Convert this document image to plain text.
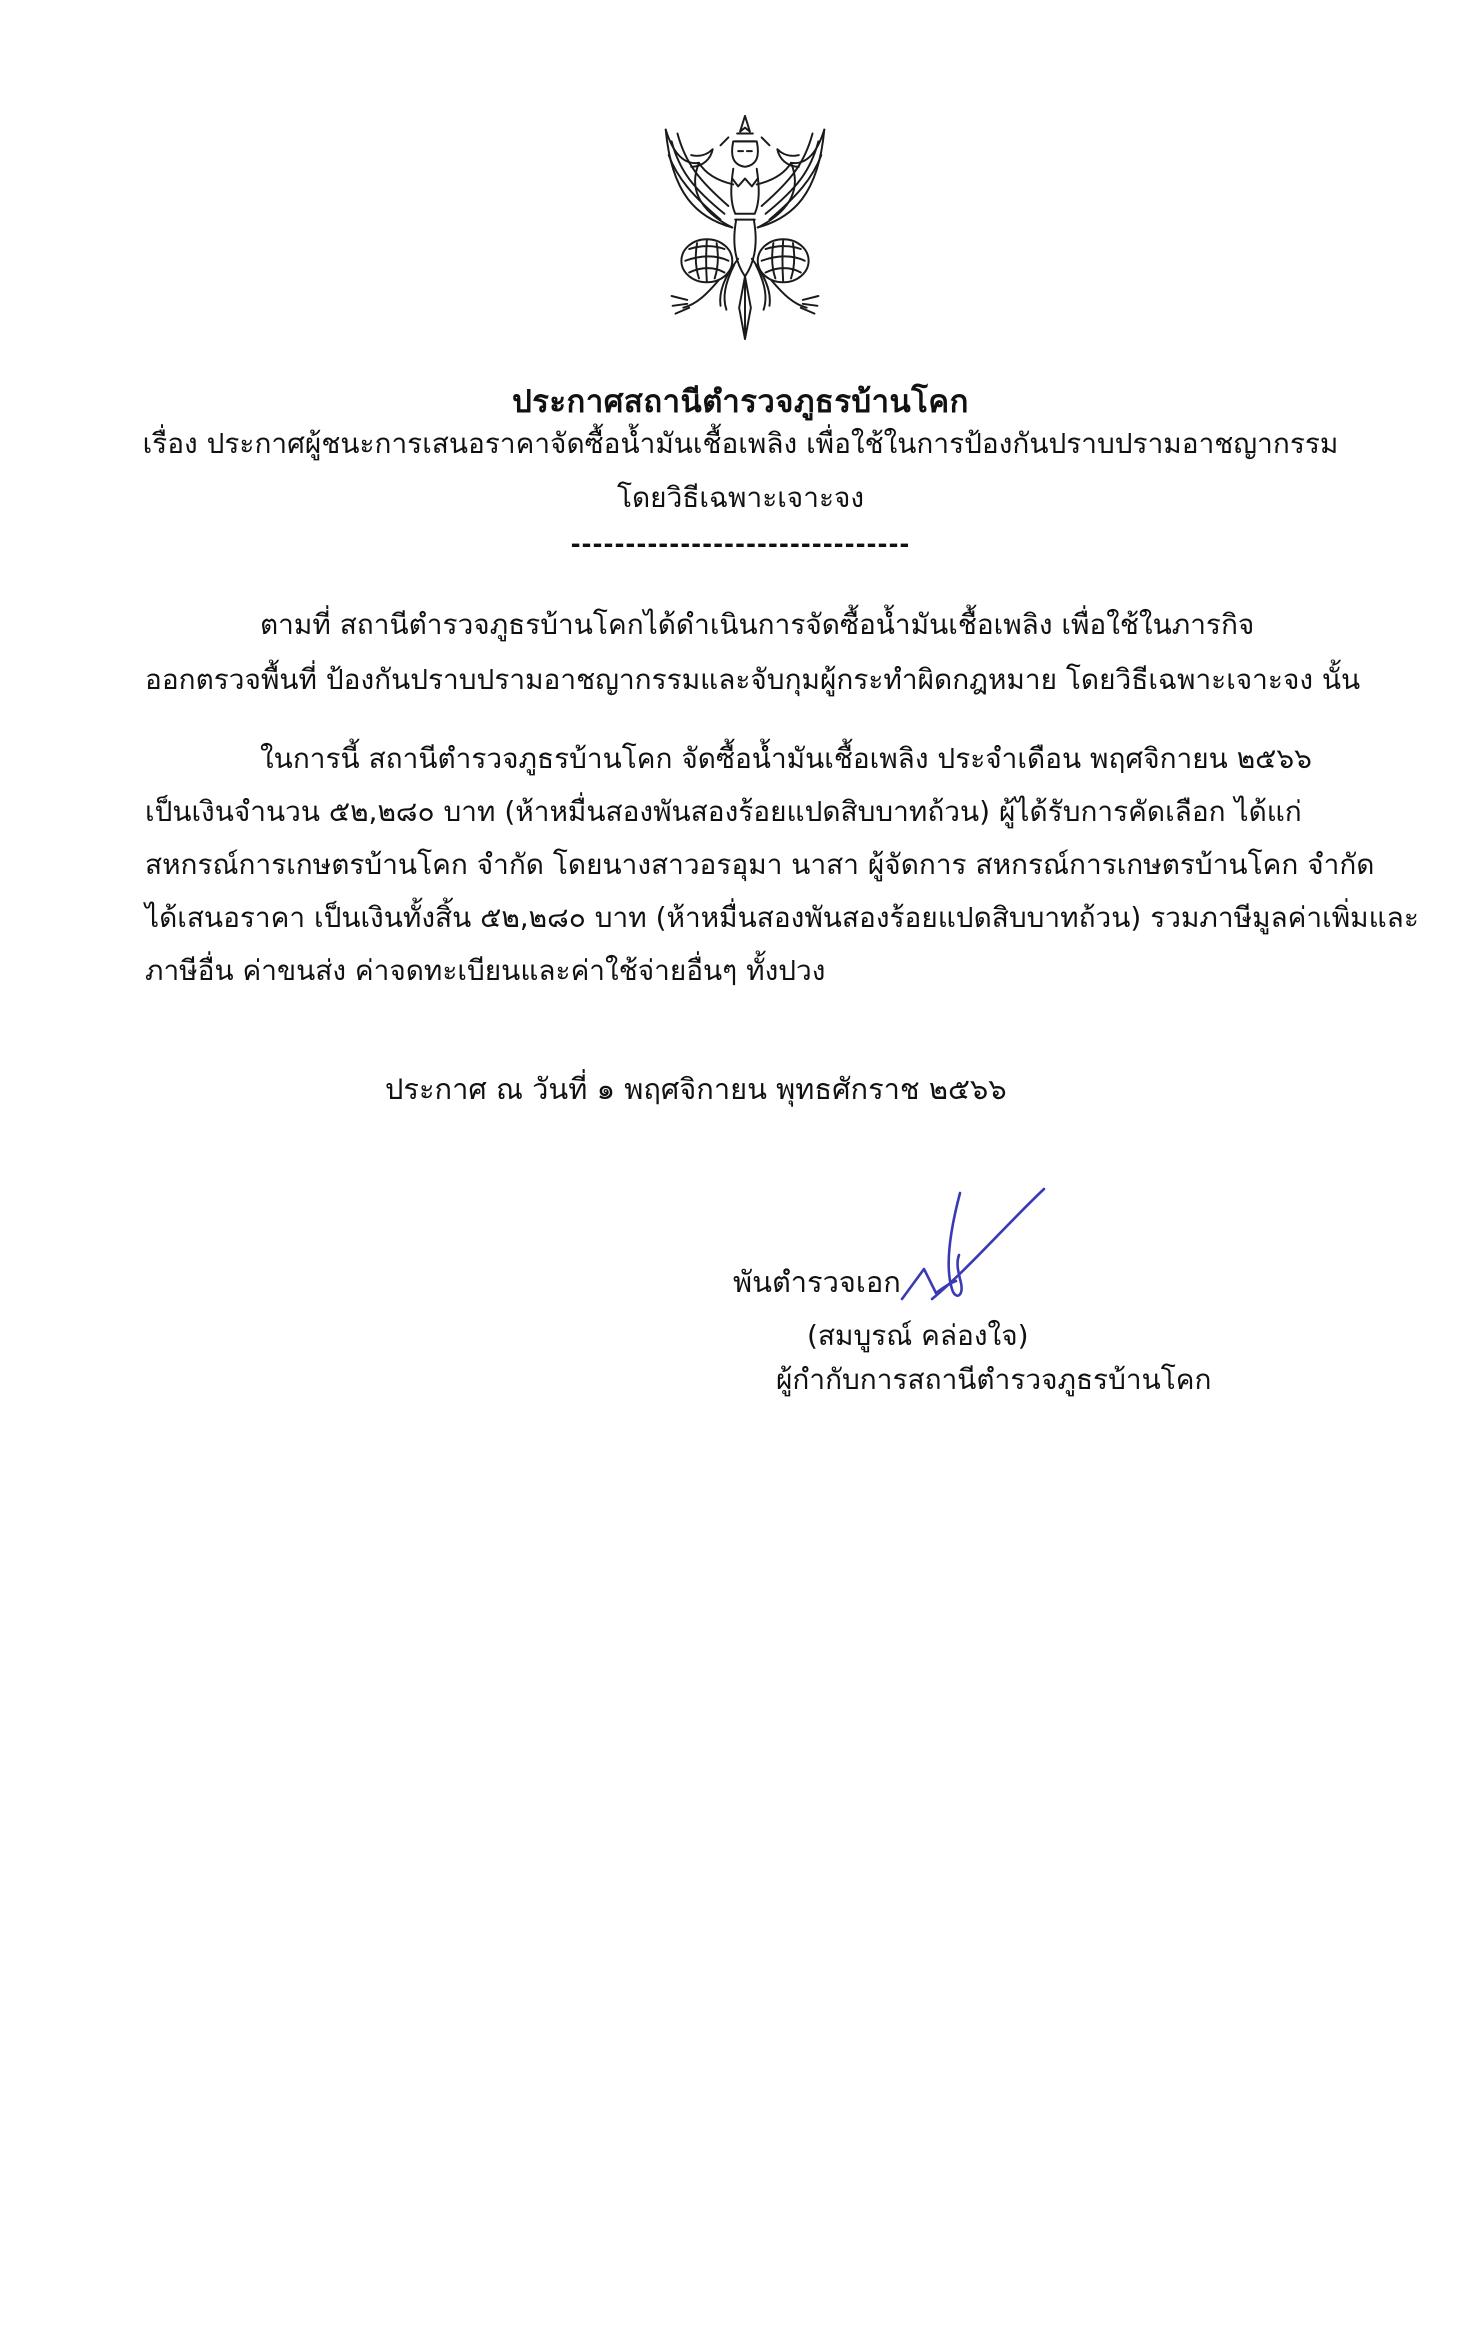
ประกาศสถานีตำรวจภูธรบ้านโคก
เรื่อง ประกาศผู้ชนะการเสนอราคาจัดซื้อน้ำมันเชื้อเพลิง เพื่อใช้ในการป้องกันปราบปรามอาชญากรรม
โดยวิธีเฉพาะเจาะจง
-------------------------------
ตามที่ สถานีตำรวจภูธรบ้านโคกได้ดำเนินการจัดซื้อน้ำมันเชื้อเพลิง เพื่อใช้ในภารกิจ
ออกตรวจพื้นที่ ป้องกันปราบปรามอาชญากรรมและจับกุมผู้กระทำผิดกฎหมาย โดยวิธีเฉพาะเจาะจง นั้น
ในการนี้ สถานีตำรวจภูธรบ้านโคก จัดซื้อน้ำมันเชื้อเพลิง ประจำเดือน พฤศจิกายน ๒๕๖๖
เป็นเงินจำนวน ๕๒,๒๘๐ บาท (ห้าหมื่นสองพันสองร้อยแปดสิบบาทถ้วน) ผู้ได้รับการคัดเลือก ได้แก่
สหกรณ์การเกษตรบ้านโคก จำกัด โดยนางสาวอรอุมา นาสา ผู้จัดการ สหกรณ์การเกษตรบ้านโคก จำกัด
ได้เสนอราคา เป็นเงินทั้งสิ้น ๕๒,๒๘๐ บาท (ห้าหมื่นสองพันสองร้อยแปดสิบบาทถ้วน) รวมภาษีมูลค่าเพิ่มและ
ภาษีอื่น ค่าขนส่ง ค่าจดทะเบียนและค่าใช้จ่ายอื่นๆ ทั้งปวง
ประกาศ ณ วันที่ ๑ พฤศจิกายน พุทธศักราช ๒๕๖๖
พันตำรวจเอก
(สมบูรณ์ คล่องใจ)
ผู้กำกับการสถานีตำรวจภูธรบ้านโคก
